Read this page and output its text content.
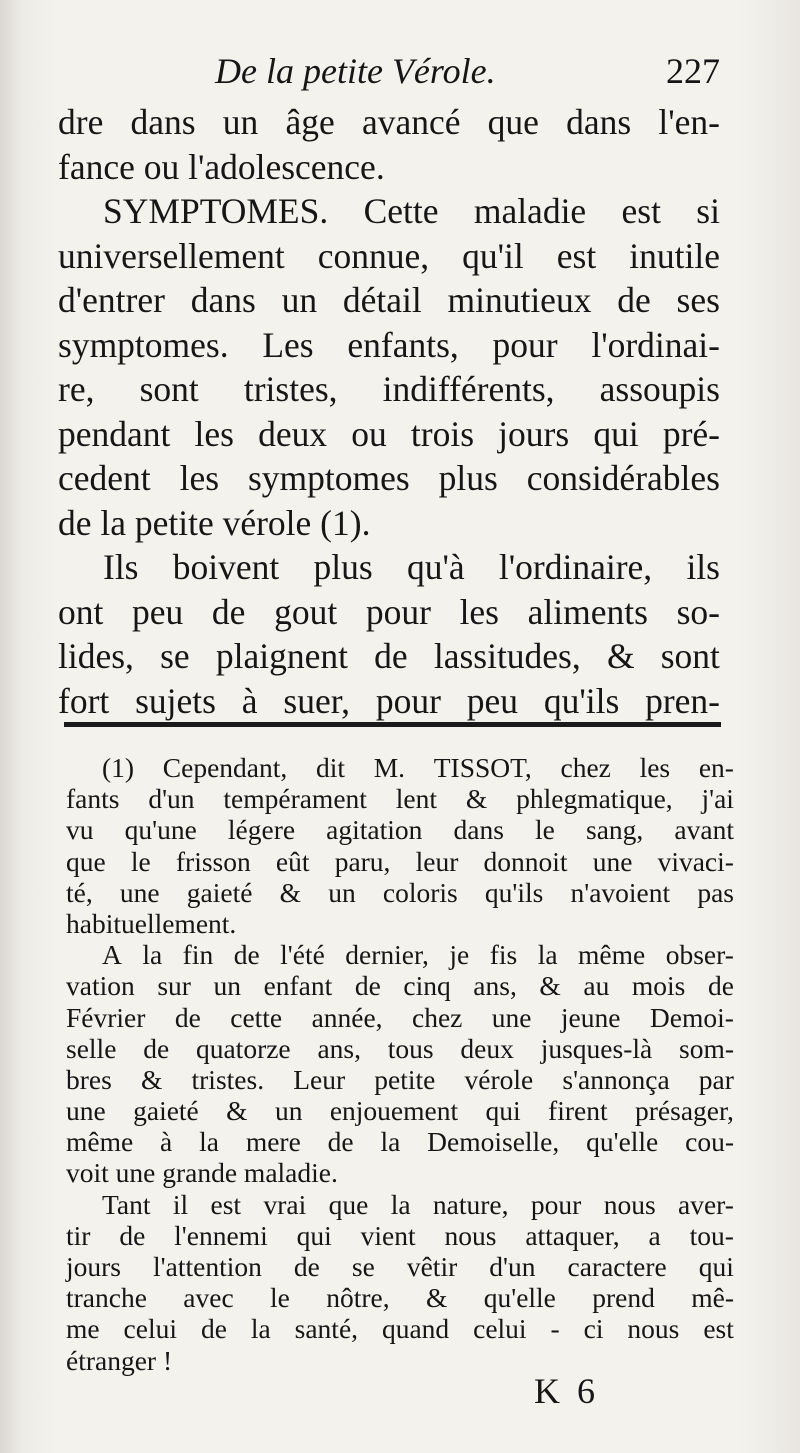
De la petite Vérole.	227
dre dans un âge avancé que dans l'en-
fance ou l'adolescence.
SYMPTOMES. Cette maladie est si
universellement connue, qu'il est inutile
d'entrer dans un détail minutieux de ses
symptomes. Les enfants, pour l'ordinai-
re, sont tristes, indifférents, assoupis
pendant les deux ou trois jours qui pré-
cedent les symptomes plus considérables
de la petite vérole (1).
Ils boivent plus qu'à l'ordinaire, ils
ont peu de gout pour les aliments so-
lides, se plaignent de lassitudes, & sont
fort sujets à suer, pour peu qu'ils pren-
(1) Cependant, dit M. TISSOT, chez les en-
fants d'un tempérament lent & phlegmatique, j'ai
vu qu'une légere agitation dans le sang, avant
que le frisson eût paru, leur donnoit une vivaci-
té, une gaieté & un coloris qu'ils n'avoient pas
habituellement.
A la fin de l'été dernier, je fis la même obser-
vation sur un enfant de cinq ans, & au mois de
Février de cette année, chez une jeune Demoi-
selle de quatorze ans, tous deux jusques-là som-
bres & tristes. Leur petite vérole s'annonça par
une gaieté & un enjouement qui firent présager,
même à la mere de la Demoiselle, qu'elle cou-
voit une grande maladie.
Tant il est vrai que la nature, pour nous aver-
tir de l'ennemi qui vient nous attaquer, a tou-
jours l'attention de se vêtir d'un caractere qui
tranche avec le nôtre, & qu'elle prend mê-
me celui de la santé, quand celui - ci nous est
étranger !
K 6
